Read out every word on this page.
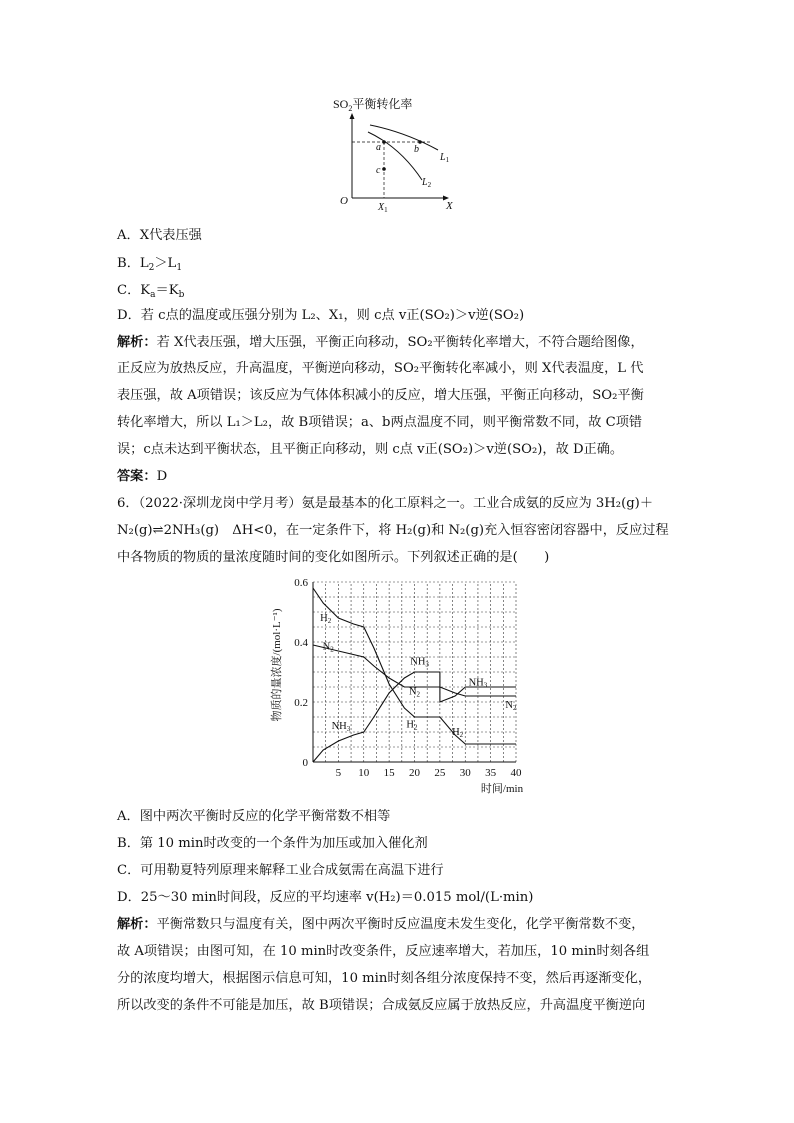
$SO_2$平衡转化率
a	b
c
$L_1$
$L_2$
O	X
$X_1$
A．X代表压强
B．$L_2>L_1$
C．$K_a=K_b$
D．若 c点的温度或压强分别为 L₂、X₁，则 c点 v正(SO₂)＞v逆(SO₂)
解析：若 X代表压强，增大压强，平衡正向移动，SO₂平衡转化率增大，不符合题给图像，
正反应为放热反应，升高温度，平衡逆向移动，SO₂平衡转化率减小，则 X代表温度，L 代
表压强，故 A项错误；该反应为气体体积减小的反应，增大压强，平衡正向移动，SO₂平衡
转化率增大，所以 L₁＞L₂，故 B项错误；a、b两点温度不同，则平衡常数不同，故 C项错
误；c点未达到平衡状态，且平衡正向移动，则 c点 v正(SO₂)＞v逆(SO₂)，故 D正确。
答案：D
6．（2022·深圳龙岗中学月考）氨是最基本的化工原料之一。工业合成氨的反应为 3H₂(g)＋
N₂(g)⇌2NH₃(g)　ΔH<0，在一定条件下，将 H₂(g)和 N₂(g)充入恒容密闭容器中，反应过程
中各物质的物质的量浓度随时间的变化如图所示。下列叙述正确的是(　　)
0
0.2
0.4
0.6
5 10 15 20 25 30 35 40
H2
N2
NH3
NH3
N2
H2
NH3
N2
H2
物质的量浓度/(mol·L⁻¹)
时间/min
A．图中两次平衡时反应的化学平衡常数不相等
B．第 10 min时改变的一个条件为加压或加入催化剂
C．可用勒夏特列原理来解释工业合成氨需在高温下进行
D．25～30 min时间段，反应的平均速率 v(H₂)＝0.015 mol/(L·min)
解析：平衡常数只与温度有关，图中两次平衡时反应温度未发生变化，化学平衡常数不变，
故 A项错误；由图可知，在 10 min时改变条件，反应速率增大，若加压，10 min时刻各组
分的浓度均增大，根据图示信息可知，10 min时刻各组分浓度保持不变，然后再逐渐变化，
所以改变的条件不可能是加压，故 B项错误；合成氨反应属于放热反应，升高温度平衡逆向
